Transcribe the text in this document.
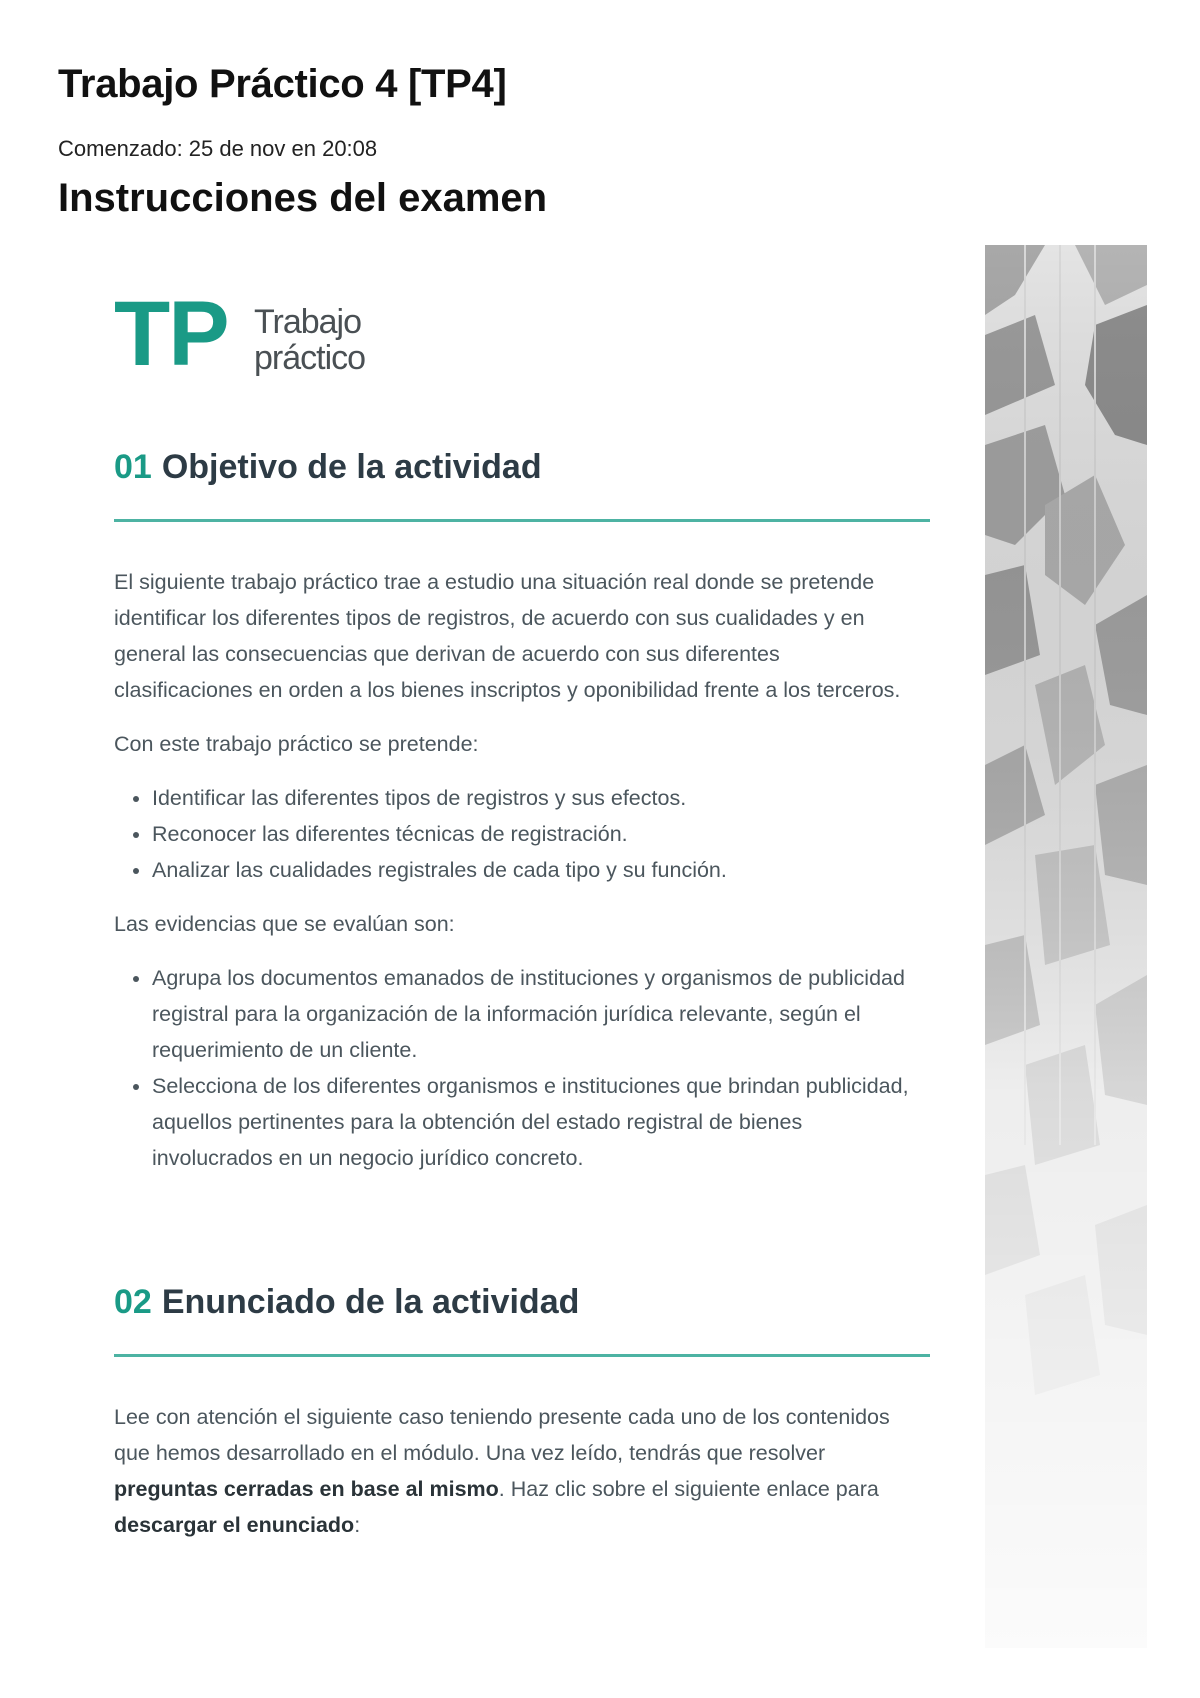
Trabajo Práctico 4 [TP4]
Comenzado: 25 de nov en 20:08
Instrucciones del examen
TP Trabajo
práctico
01 Objetivo de la actividad

El siguiente trabajo práctico trae a estudio una situación real donde se pretende identificar los diferentes tipos de registros, de acuerdo con sus cualidades y en general las consecuencias que derivan de acuerdo con sus diferentes clasificaciones en orden a los bienes inscriptos y oponibilidad frente a los terceros.

Con este trabajo práctico se pretende:

• Identificar las diferentes tipos de registros y sus efectos.
• Reconocer las diferentes técnicas de registración.
• Analizar las cualidades registrales de cada tipo y su función.

Las evidencias que se evalúan son:

• Agrupa los documentos emanados de instituciones y organismos de publicidad registral para la organización de la información jurídica relevante, según el requerimiento de un cliente.
• Selecciona de los diferentes organismos e instituciones que brindan publicidad, aquellos pertinentes para la obtención del estado registral de bienes involucrados en un negocio jurídico concreto.
02 Enunciado de la actividad

Lee con atención el siguiente caso teniendo presente cada uno de los contenidos que hemos desarrollado en el módulo. Una vez leído, tendrás que resolver preguntas cerradas en base al mismo. Haz clic sobre el siguiente enlace para descargar el enunciado:
